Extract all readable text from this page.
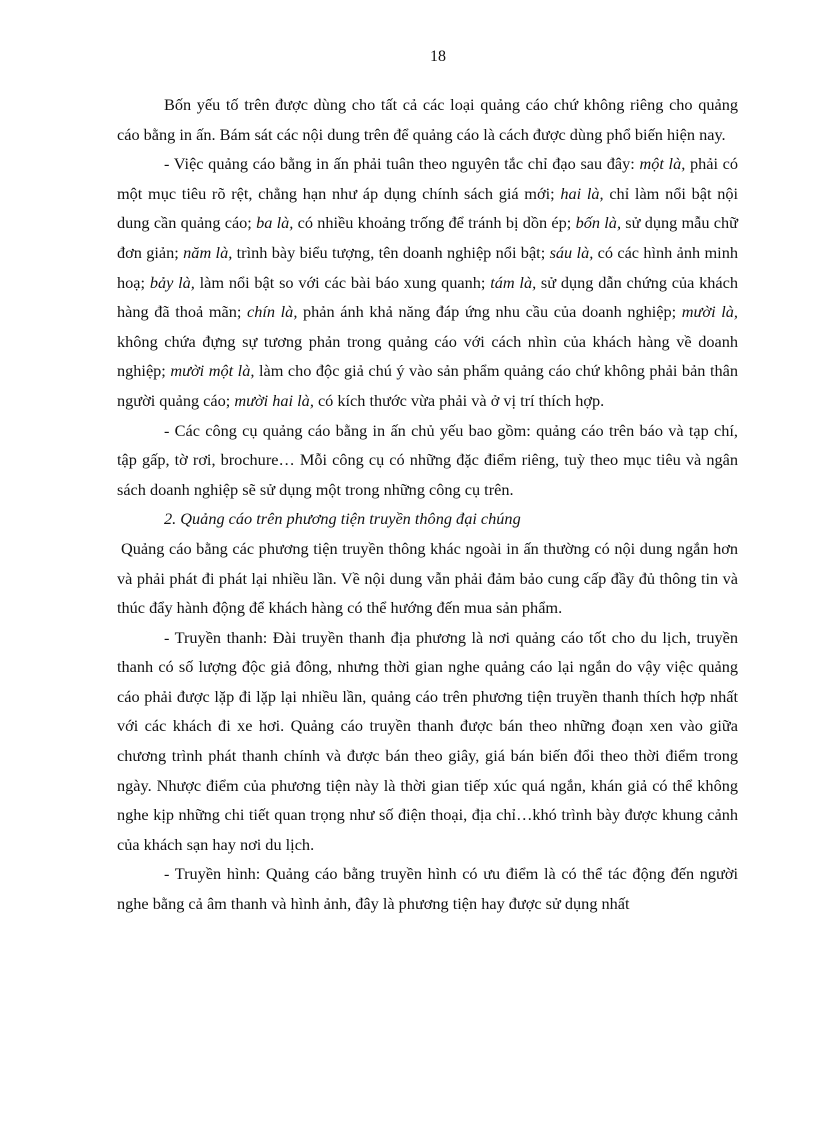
18

Bốn yếu tố trên được dùng cho tất cả các loại quảng cáo chứ không riêng cho quảng cáo bằng in ấn. Bám sát các nội dung trên để quảng cáo là cách được dùng phổ biến hiện nay.

- Việc quảng cáo bằng in ấn phải tuân theo nguyên tắc chỉ đạo sau đây: một là, phải có một mục tiêu rõ rệt, chẳng hạn như áp dụng chính sách giá mới; hai là, chỉ làm nổi bật nội dung cần quảng cáo; ba là, có nhiều khoảng trống để tránh bị dồn ép; bốn là, sử dụng mẫu chữ đơn giản; năm là, trình bày biểu tượng, tên doanh nghiệp nổi bật; sáu là, có các hình ảnh minh hoạ; bảy là, làm nổi bật so với các bài báo xung quanh; tám là, sử dụng dẫn chứng của khách hàng đã thoả mãn; chín là, phản ánh khả năng đáp ứng nhu cầu của doanh nghiệp; mười là, không chứa đựng sự tương phản trong quảng cáo với cách nhìn của khách hàng về doanh nghiệp; mười một là, làm cho độc giả chú ý vào sản phẩm quảng cáo chứ không phải bản thân người quảng cáo; mười hai là, có kích thước vừa phải và ở vị trí thích hợp.

- Các công cụ quảng cáo bằng in ấn chủ yếu bao gồm: quảng cáo trên báo và tạp chí, tập gấp, tờ rơi, brochure… Mỗi công cụ có những đặc điểm riêng, tuỳ theo mục tiêu và ngân sách doanh nghiệp sẽ sử dụng một trong những công cụ trên.

2. Quảng cáo trên phương tiện truyền thông đại chúng

Quảng cáo bằng các phương tiện truyền thông khác ngoài in ấn thường có nội dung ngắn hơn và phải phát đi phát lại nhiều lần. Về nội dung vẫn phải đảm bảo cung cấp đầy đủ thông tin và thúc đẩy hành động để khách hàng có thể hướng đến mua sản phẩm.

- Truyền thanh: Đài truyền thanh địa phương là nơi quảng cáo tốt cho du lịch, truyền thanh có số lượng độc giả đông, nhưng thời gian nghe quảng cáo lại ngắn do vậy việc quảng cáo phải được lặp đi lặp lại nhiều lần, quảng cáo trên phương tiện truyền thanh thích hợp nhất với các khách đi xe hơi. Quảng cáo truyền thanh được bán theo những đoạn xen vào giữa chương trình phát thanh chính và được bán theo giây, giá bán biến đổi theo thời điểm trong ngày. Nhược điểm của phương tiện này là thời gian tiếp xúc quá ngắn, khán giả có thể không nghe kịp những chi tiết quan trọng như số điện thoại, địa chỉ…khó trình bày được khung cảnh của khách sạn hay nơi du lịch.

- Truyền hình: Quảng cáo bằng truyền hình có ưu điểm là có thể tác động đến người nghe bằng cả âm thanh và hình ảnh, đây là phương tiện hay được sử dụng nhất
